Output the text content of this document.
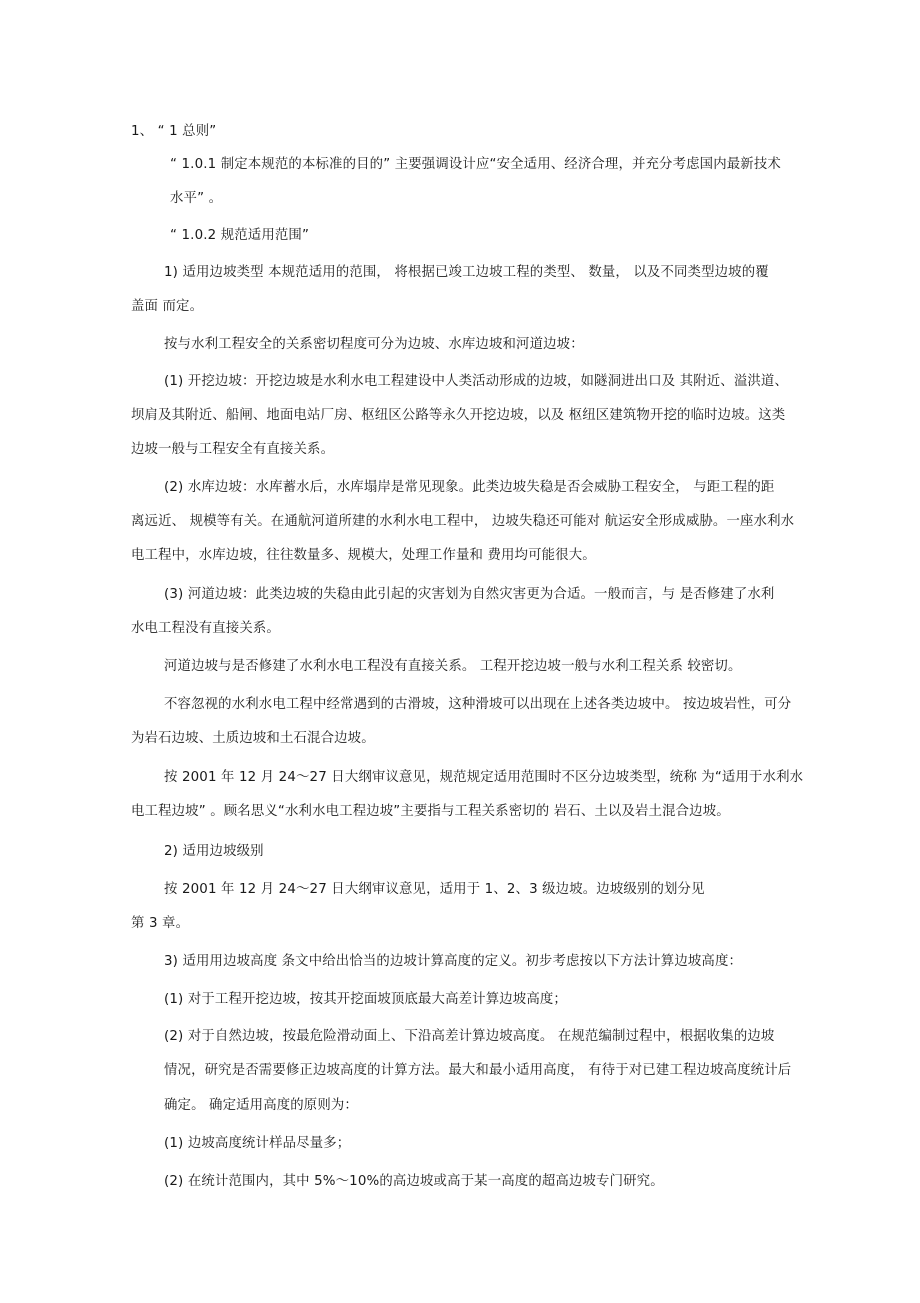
1、 “ 1 总则”
“ 1.0.1 制定本规范的本标准的目的” 主要强调设计应“安全适用、经济合理，并充分考虑国内最新技术
水平” 。
“ 1.0.2 规范适用范围”
1) 适用边坡类型 本规范适用的范围， 将根据已竣工边坡工程的类型、 数量， 以及不同类型边坡的覆
盖面 而定。
按与水利工程安全的关系密切程度可分为边坡、水库边坡和河道边坡：
(1) 开挖边坡：开挖边坡是水利水电工程建设中人类活动形成的边坡，如隧洞进出口及 其附近、溢洪道、
坝肩及其附近、船闸、地面电站厂房、枢纽区公路等永久开挖边坡，以及 枢纽区建筑物开挖的临时边坡。这类
边坡一般与工程安全有直接关系。
(2) 水库边坡：水库蓄水后，水库塌岸是常见现象。此类边坡失稳是否会威胁工程安全， 与距工程的距
离远近、 规模等有关。在通航河道所建的水利水电工程中， 边坡失稳还可能对 航运安全形成威胁。一座水利水
电工程中，水库边坡，往往数量多、规模大，处理工作量和 费用均可能很大。
(3) 河道边坡：此类边坡的失稳由此引起的灾害划为自然灾害更为合适。一般而言，与 是否修建了水利
水电工程没有直接关系。
河道边坡与是否修建了水利水电工程没有直接关系。 工程开挖边坡一般与水利工程关系 较密切。
不容忽视的水利水电工程中经常遇到的古滑坡，这种滑坡可以出现在上述各类边坡中。 按边坡岩性，可分
为岩石边坡、土质边坡和土石混合边坡。
按 2001 年 12 月 24〜27 日大纲审议意见，规范规定适用范围时不区分边坡类型，统称 为“适用于水利水
电工程边坡” 。顾名思义“水利水电工程边坡”主要指与工程关系密切的 岩石、土以及岩土混合边坡。
2) 适用边坡级别
按 2001 年 12 月 24〜27 日大纲审议意见，适用于 1、2、3 级边坡。边坡级别的划分见
第 3 章。
3) 适用用边坡高度 条文中给出恰当的边坡计算高度的定义。初步考虑按以下方法计算边坡高度：
(1) 对于工程开挖边坡，按其开挖面坡顶底最大高差计算边坡高度；
(2) 对于自然边坡，按最危险滑动面上、下沿高差计算边坡高度。 在规范编制过程中，根据收集的边坡
情况，研究是否需要修正边坡高度的计算方法。最大和最小适用高度， 有待于对已建工程边坡高度统计后
确定。 确定适用高度的原则为：
(1) 边坡高度统计样品尽量多；
(2) 在统计范围内，其中 5%〜10%的高边坡或高于某一高度的超高边坡专门研究。
